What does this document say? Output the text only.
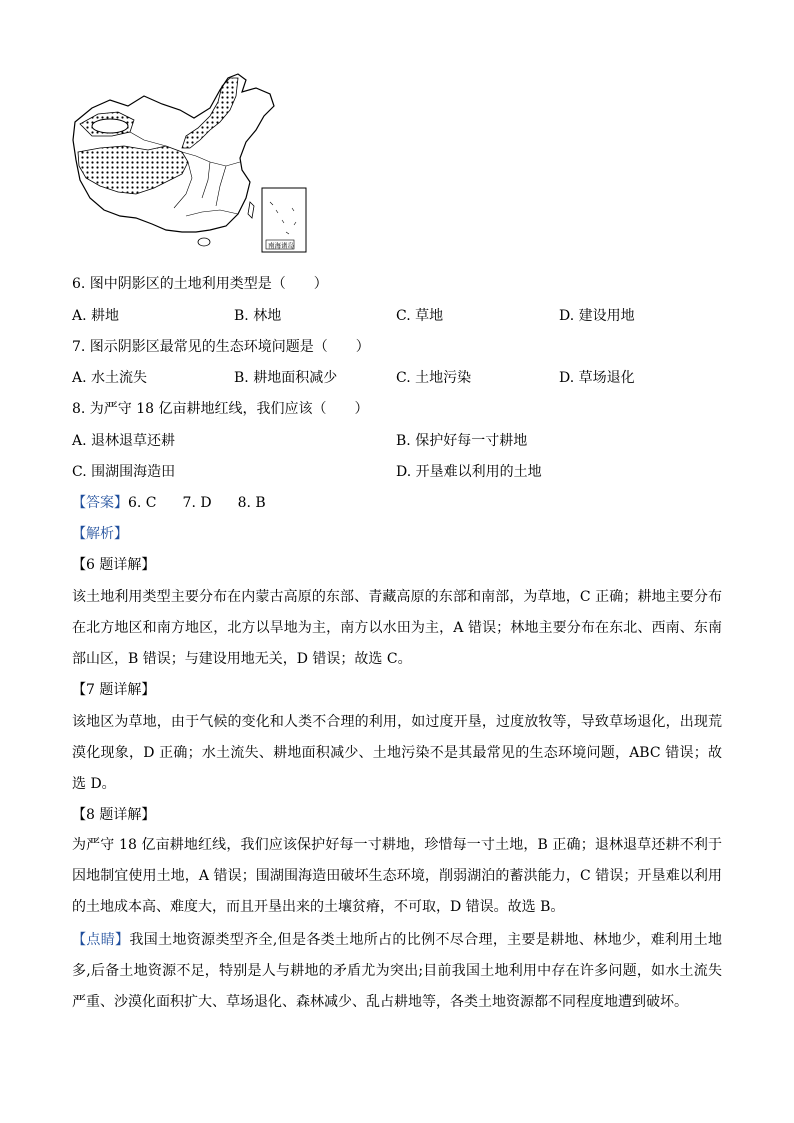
南海诸岛
6. 图中阴影区的土地利用类型是（　　）
A. 耕地	B. 林地	C. 草地	D. 建设用地
7. 图示阴影区最常见的生态环境问题是（　　）
A. 水土流失	B. 耕地面积减少	C. 土地污染	D. 草场退化
8. 为严守 18 亿亩耕地红线，我们应该（　　）
A. 退林退草还耕	B. 保护好每一寸耕地
C. 围湖围海造田	D. 开垦难以利用的土地
【答案】6. C 7. D 8. B
【解析】
【6 题详解】
该土地利用类型主要分布在内蒙古高原的东部、青藏高原的东部和南部，为草地，C 正确；耕地主要分布在北方地区和南方地区，北方以旱地为主，南方以水田为主，A 错误；林地主要分布在东北、西南、东南部山区，B 错误；与建设用地无关，D 错误；故选 C。
【7 题详解】
该地区为草地，由于气候的变化和人类不合理的利用，如过度开垦，过度放牧等，导致草场退化，出现荒漠化现象，D 正确；水土流失、耕地面积减少、土地污染不是其最常见的生态环境问题，ABC 错误；故选 D。
【8 题详解】
为严守 18 亿亩耕地红线，我们应该保护好每一寸耕地，珍惜每一寸土地，B 正确；退林退草还耕不利于因地制宜使用土地，A 错误；围湖围海造田破坏生态环境，削弱湖泊的蓄洪能力，C 错误；开垦难以利用的土地成本高、难度大，而且开垦出来的土壤贫瘠，不可取，D 错误。故选 B。
【点睛】我国土地资源类型齐全,但是各类土地所占的比例不尽合理，主要是耕地、林地少，难利用土地多,后备土地资源不足，特别是人与耕地的矛盾尤为突出;目前我国土地利用中存在许多问题，如水土流失严重、沙漠化面积扩大、草场退化、森林减少、乱占耕地等，各类土地资源都不同程度地遭到破坏。
